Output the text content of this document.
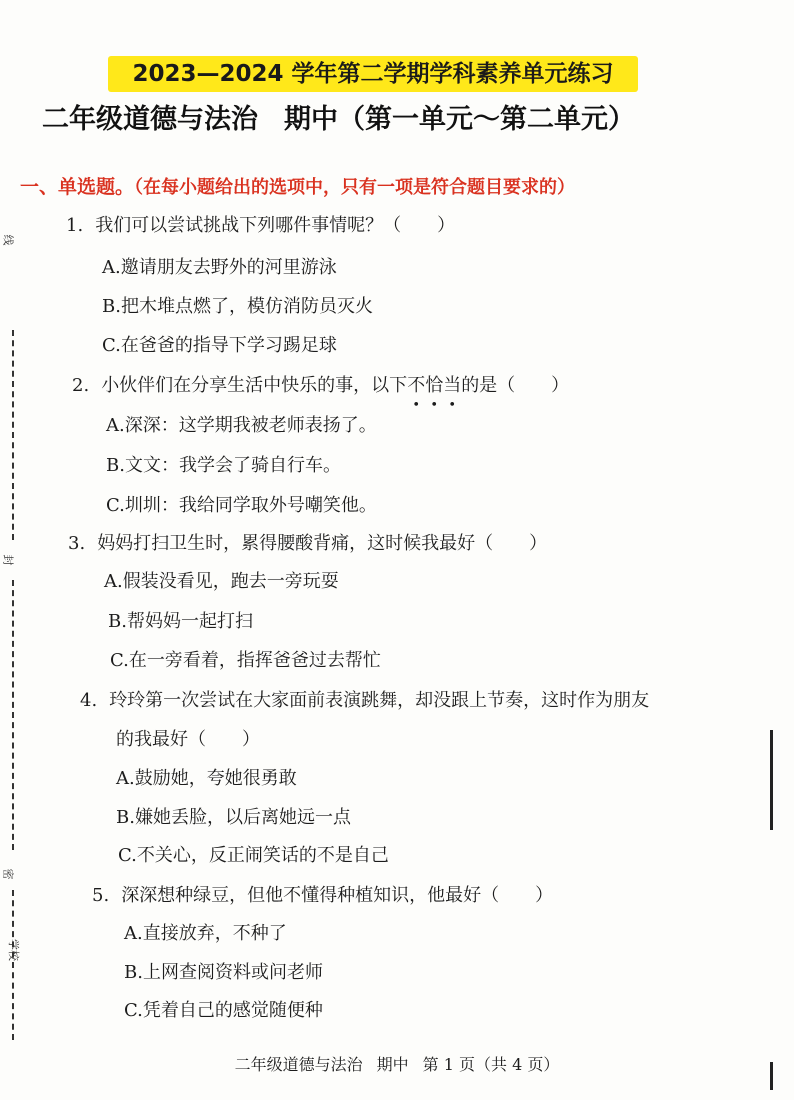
2023—2024 学年第二学期学科素养单元练习
二年级道德与法治 期中（第一单元～第二单元）
一、单选题。（在每小题给出的选项中，只有一项是符合题目要求的）
1. 我们可以尝试挑战下列哪件事情呢？（　　）
A.邀请朋友去野外的河里游泳
B.把木堆点燃了，模仿消防员灭火
C.在爸爸的指导下学习踢足球
2. 小伙伴们在分享生活中快乐的事，以下不恰当的是（　　）
A.深深：这学期我被老师表扬了。
B.文文：我学会了骑自行车。
C.圳圳：我给同学取外号嘲笑他。
3. 妈妈打扫卫生时，累得腰酸背痛，这时候我最好（　　）
A.假装没看见，跑去一旁玩耍
B.帮妈妈一起打扫
C.在一旁看着，指挥爸爸过去帮忙
4. 玲玲第一次尝试在大家面前表演跳舞，却没跟上节奏，这时作为朋友
的我最好（　　）
A.鼓励她，夸她很勇敢
B.嫌她丢脸，以后离她远一点
C.不关心，反正闹笑话的不是自己
5. 深深想种绿豆，但他不懂得种植知识，他最好（　　）
A.直接放弃，不种了
B.上网查阅资料或问老师
C.凭着自己的感觉随便种
线
封
密
学校
二年级道德与法治 期中 第 1 页（共 4 页）
